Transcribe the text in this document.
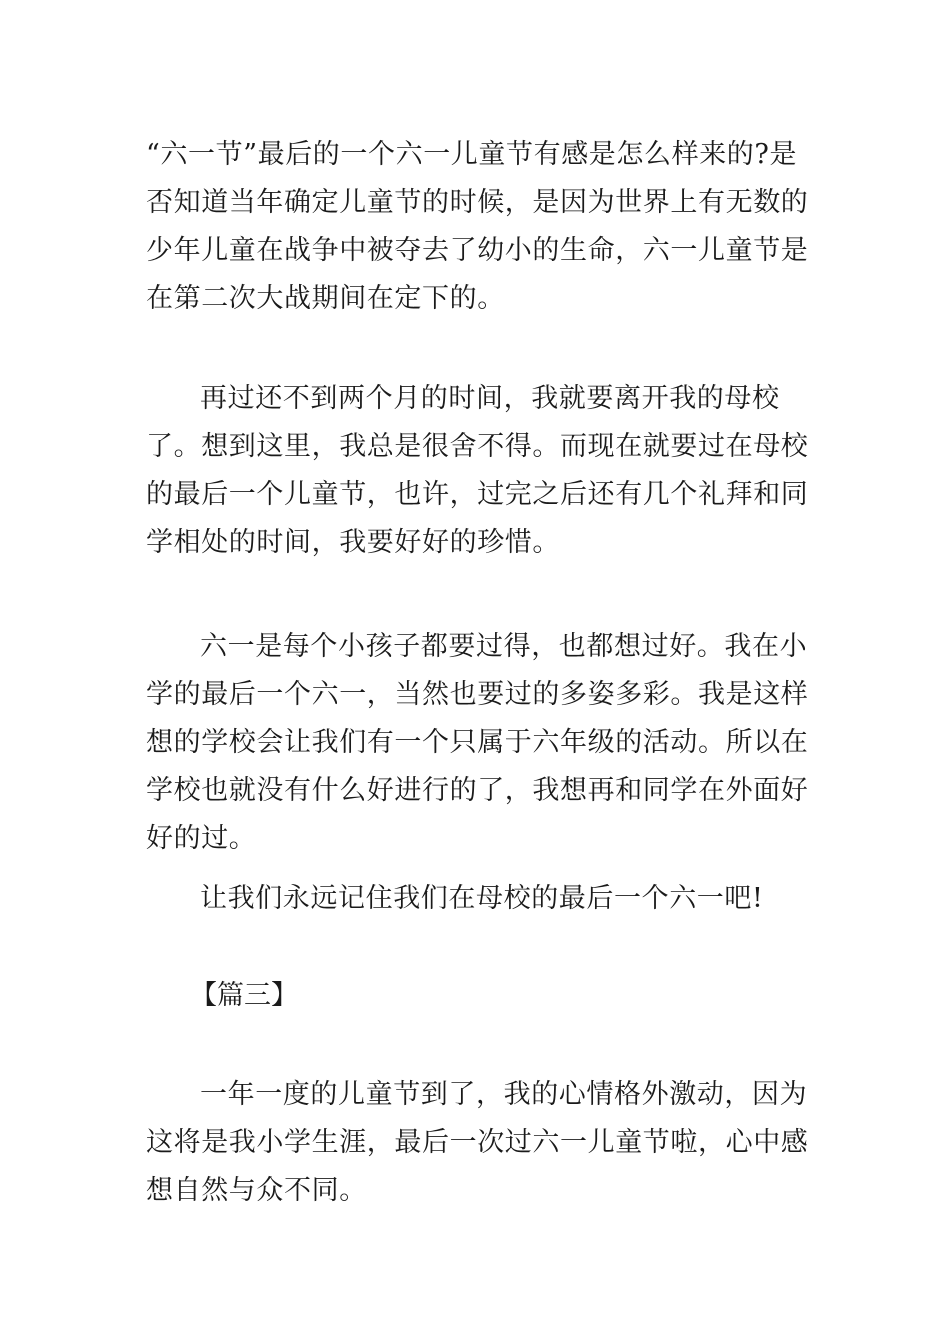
“六一节”最后的一个六一儿童节有感是怎么样来的?是否知道当年确定儿童节的时候，是因为世界上有无数的少年儿童在战争中被夺去了幼小的生命，六一儿童节是在第二次大战期间在定下的。

再过还不到两个月的时间，我就要离开我的母校了。想到这里，我总是很舍不得。而现在就要过在母校的最后一个儿童节，也许，过完之后还有几个礼拜和同学相处的时间，我要好好的珍惜。

六一是每个小孩子都要过得，也都想过好。我在小学的最后一个六一，当然也要过的多姿多彩。我是这样想的学校会让我们有一个只属于六年级的活动。所以在学校也就没有什么好进行的了，我想再和同学在外面好好的过。

让我们永远记住我们在母校的最后一个六一吧!

【篇三】

一年一度的儿童节到了，我的心情格外激动，因为这将是我小学生涯，最后一次过六一儿童节啦，心中感想自然与众不同。
